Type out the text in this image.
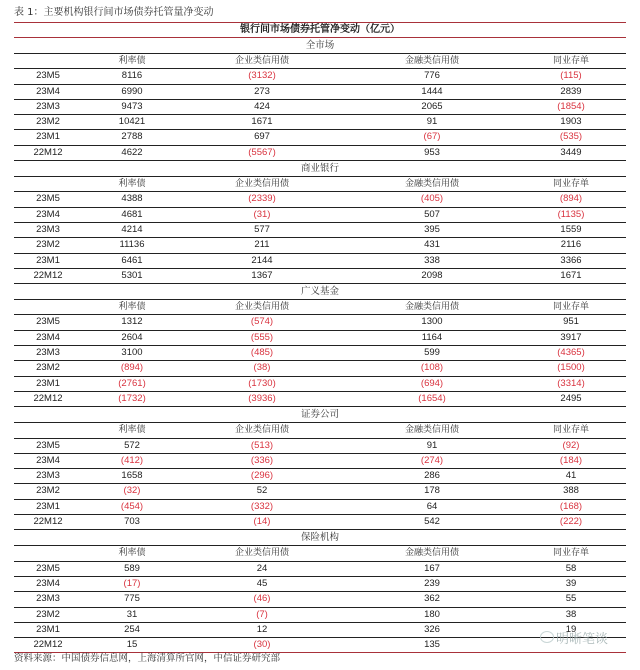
表 1：主要机构银行间市场债券托管量净变动
银行间市场债券托管净变动（亿元）
全市场
利率债	企业类信用债	金融类信用债	同业存单
23M5	8116	(3132)	776	(115)
23M4	6990	273	1444	2839
23M3	9473	424	2065	(1854)
23M2	10421	1671	91	1903
23M1	2788	697	(67)	(535)
22M12	4622	(5567)	953	3449
商业银行
利率债	企业类信用债	金融类信用债	同业存单
23M5	4388	(2339)	(405)	(894)
23M4	4681	(31)	507	(1135)
23M3	4214	577	395	1559
23M2	11136	211	431	2116
23M1	6461	2144	338	3366
22M12	5301	1367	2098	1671
广义基金
利率债	企业类信用债	金融类信用债	同业存单
23M5	1312	(574)	1300	951
23M4	2604	(555)	1164	3917
23M3	3100	(485)	599	(4365)
23M2	(894)	(38)	(108)	(1500)
23M1	(2761)	(1730)	(694)	(3314)
22M12	(1732)	(3936)	(1654)	2495
证券公司
利率债	企业类信用债	金融类信用债	同业存单
23M5	572	(513)	91	(92)
23M4	(412)	(336)	(274)	(184)
23M3	1658	(296)	286	41
23M2	(32)	52	178	388
23M1	(454)	(332)	64	(168)
22M12	703	(14)	542	(222)
保险机构
利率债	企业类信用债	金融类信用债	同业存单
23M5	589	24	167	58
23M4	(17)	45	239	39
23M3	775	(46)	362	55
23M2	31	(7)	180	38
23M1	254	12	326	19
22M12	15	(30)	135
资料来源：中国债券信息网，上海清算所官网，中信证券研究部
明晰笔谈
